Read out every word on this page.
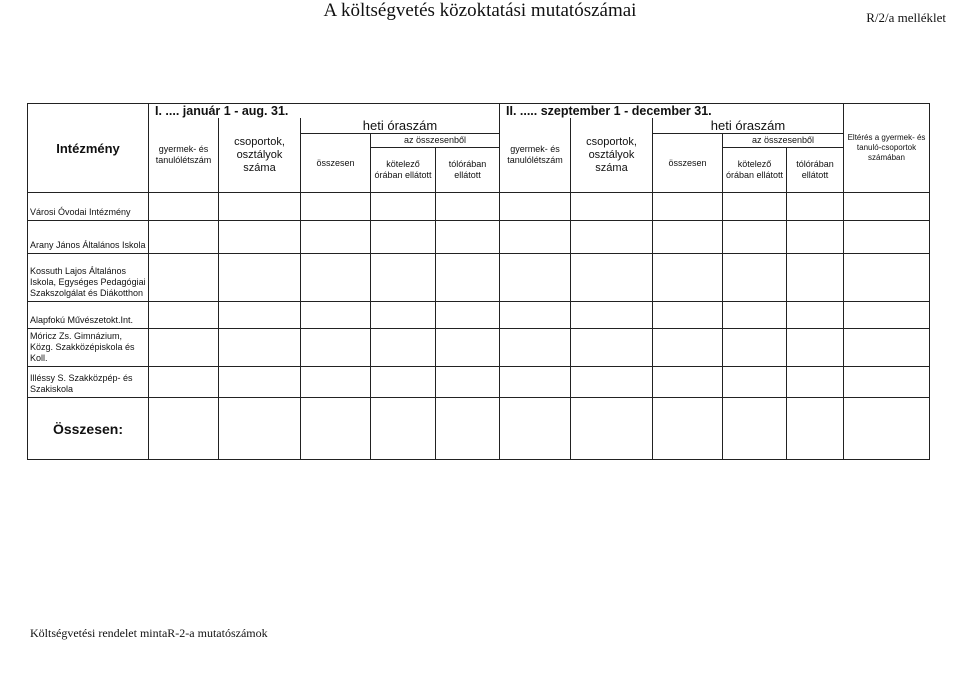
A költségvetés közoktatási mutatószámai	R/2/a melléklet
Intézmény	I. .... január 1 - aug. 31.					II. ..... szeptember 1 - december 31.					Eltérés a gyermek- és tanuló-csoportok számában
	gyermek- és tanulólétszám	csoportok, osztályok száma	heti óraszám			gyermek- és tanulólétszám	csoportok, osztályok száma	heti óraszám			
			összesen	az összesenből				összesen	az összesenből		
				kötelező órában ellátott	tólórában ellátott				kötelező órában ellátott	tólórában ellátott	
Városi Óvodai Intézmény											
Arany János Általános Iskola											
Kossuth Lajos Általános Iskola, Egységes Pedagógiai Szakszolgálat és Diákotthon											
Alapfokú Művészetokt.Int.											
Móricz Zs. Gimnázium, Közg. Szakközépiskola és Koll.											
Illéssy S. Szakközpép- és Szakiskola											
Összesen:											
Költségvetési rendelet mintaR-2-a mutatószámok
